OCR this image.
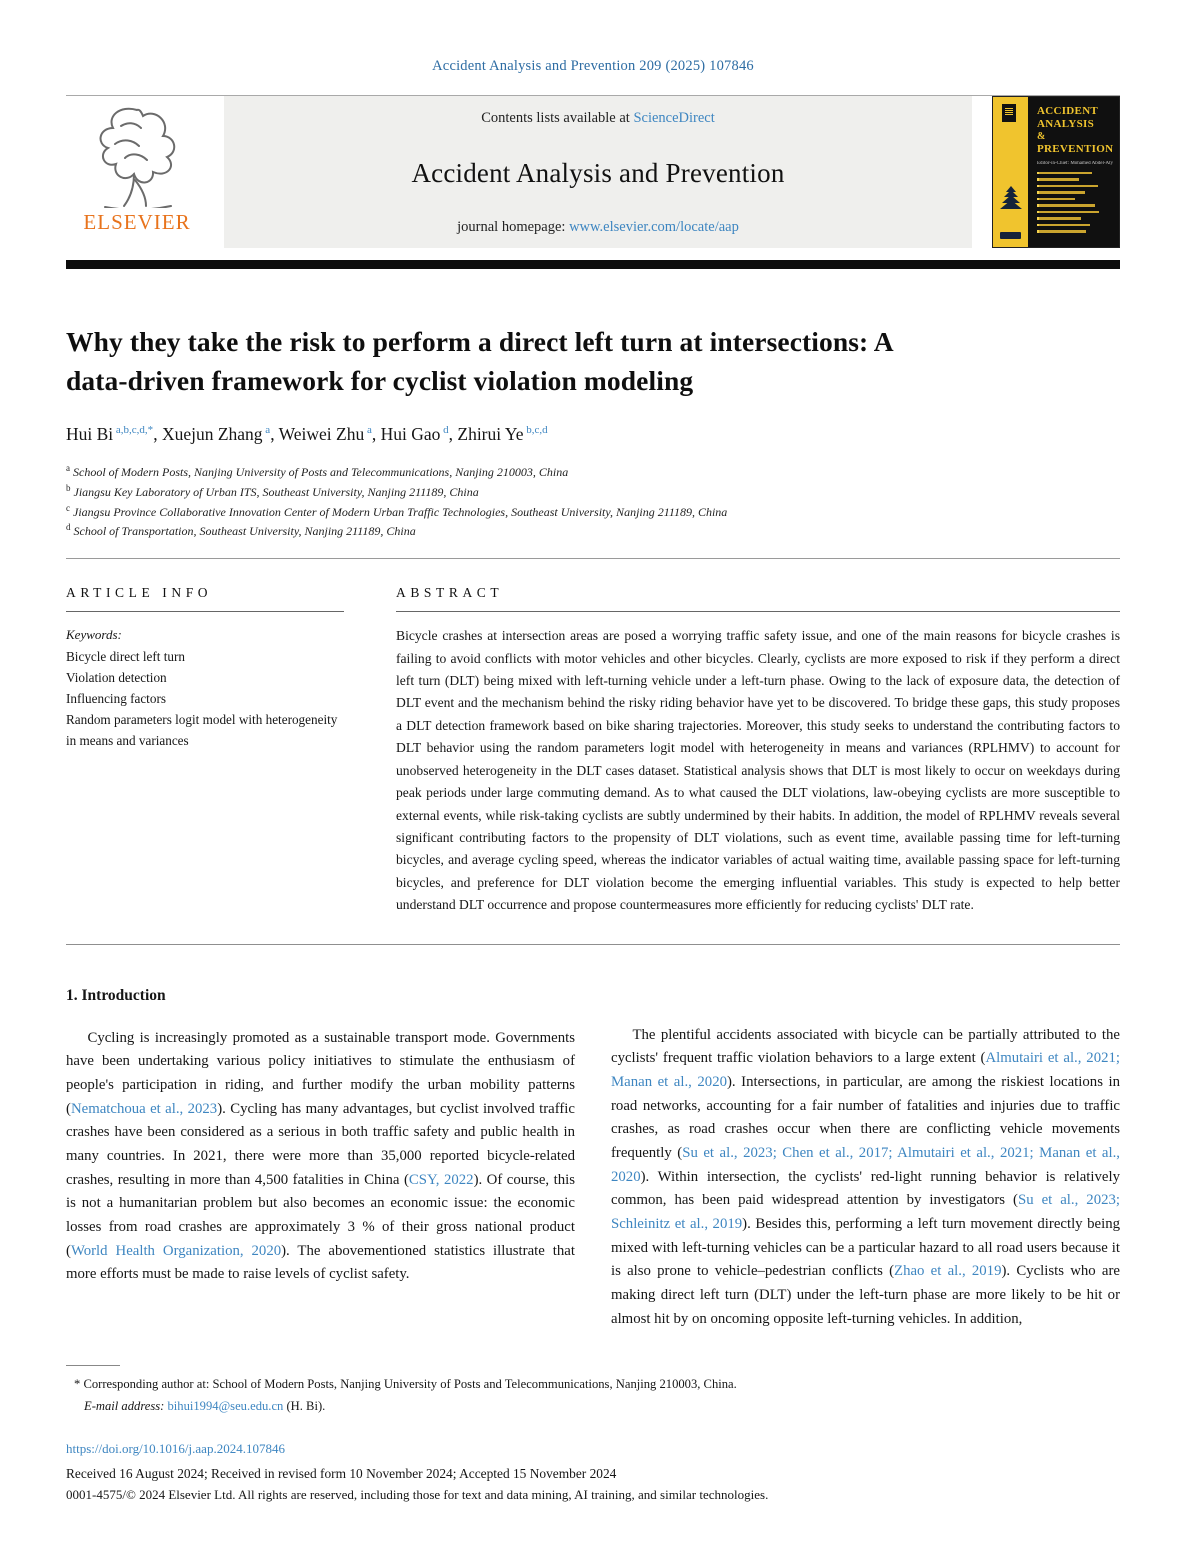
Accident Analysis and Prevention 209 (2025) 107846
ELSEVIER
Contents lists available at ScienceDirect
Accident Analysis and Prevention
journal homepage: www.elsevier.com/locate/aap
ACCIDENT
ANALYSIS
&
PREVENTION
Editor-in-Chief: Mohamed Abdel-Aty
Why they take the risk to perform a direct left turn at intersections: A
data-driven framework for cyclist violation modeling
Hui Bi $^{a,b,c,d,*}$, Xuejun Zhang $^a$, Weiwei Zhu $^a$, Hui Gao $^d$, Zhirui Ye $^{b,c,d}$
$^a$ School of Modern Posts, Nanjing University of Posts and Telecommunications, Nanjing 210003, China
$^b$ Jiangsu Key Laboratory of Urban ITS, Southeast University, Nanjing 211189, China
$^c$ Jiangsu Province Collaborative Innovation Center of Modern Urban Traffic Technologies, Southeast University, Nanjing 211189, China
$^d$ School of Transportation, Southeast University, Nanjing 211189, China
ARTICLE INFO
Keywords:
Bicycle direct left turn
Violation detection
Influencing factors
Random parameters logit model with heterogeneity in means and variances
ABSTRACT
Bicycle crashes at intersection areas are posed a worrying traffic safety issue, and one of the main reasons for bicycle crashes is failing to avoid conflicts with motor vehicles and other bicycles. Clearly, cyclists are more exposed to risk if they perform a direct left turn (DLT) being mixed with left-turning vehicle under a left-turn phase. Owing to the lack of exposure data, the detection of DLT event and the mechanism behind the risky riding behavior have yet to be discovered. To bridge these gaps, this study proposes a DLT detection framework based on bike sharing trajectories. Moreover, this study seeks to understand the contributing factors to DLT behavior using the random parameters logit model with heterogeneity in means and variances (RPLHMV) to account for unobserved heterogeneity in the DLT cases dataset. Statistical analysis shows that DLT is most likely to occur on weekdays during peak periods under large commuting demand. As to what caused the DLT violations, law-obeying cyclists are more susceptible to external events, while risk-taking cyclists are subtly undermined by their habits. In addition, the model of RPLHMV reveals several significant contributing factors to the propensity of DLT violations, such as event time, available passing time for left-turning bicycles, and average cycling speed, whereas the indicator variables of actual waiting time, available passing space for left-turning bicycles, and preference for DLT violation become the emerging influential variables. This study is expected to help better understand DLT occurrence and propose countermeasures more efficiently for reducing cyclists' DLT rate.
1. Introduction

Cycling is increasingly promoted as a sustainable transport mode. Governments have been undertaking various policy initiatives to stimulate the enthusiasm of people's participation in riding, and further modify the urban mobility patterns (Nematchoua et al., 2023). Cycling has many advantages, but cyclist involved traffic crashes have been considered as a serious in both traffic safety and public health in many countries. In 2021, there were more than 35,000 reported bicycle-related crashes, resulting in more than 4,500 fatalities in China (CSY, 2022). Of course, this is not a humanitarian problem but also becomes an economic issue: the economic losses from road crashes are approximately 3 % of their gross national product (World Health Organization, 2020). The abovementioned statistics illustrate that more efforts must be made to raise levels of cyclist safety.

The plentiful accidents associated with bicycle can be partially attributed to the cyclists' frequent traffic violation behaviors to a large extent (Almutairi et al., 2021; Manan et al., 2020). Intersections, in particular, are among the riskiest locations in road networks, accounting for a fair number of fatalities and injuries due to traffic crashes, as road crashes occur when there are conflicting vehicle movements frequently (Su et al., 2023; Chen et al., 2017; Almutairi et al., 2021; Manan et al., 2020). Within intersection, the cyclists' red-light running behavior is relatively common, has been paid widespread attention by investigators (Su et al., 2023; Schleinitz et al., 2019). Besides this, performing a left turn movement directly being mixed with left-turning vehicles can be a particular hazard to all road users because it is also prone to vehicle–pedestrian conflicts (Zhao et al., 2019). Cyclists who are making direct left turn (DLT) under the left-turn phase are more likely to be hit or almost hit by on oncoming opposite left-turning vehicles. In addition,

* Corresponding author at: School of Modern Posts, Nanjing University of Posts and Telecommunications, Nanjing 210003, China.
E-mail address: bihui1994@seu.edu.cn (H. Bi).
https://doi.org/10.1016/j.aap.2024.107846
Received 16 August 2024; Received in revised form 10 November 2024; Accepted 15 November 2024
0001-4575/© 2024 Elsevier Ltd. All rights are reserved, including those for text and data mining, AI training, and similar technologies.
